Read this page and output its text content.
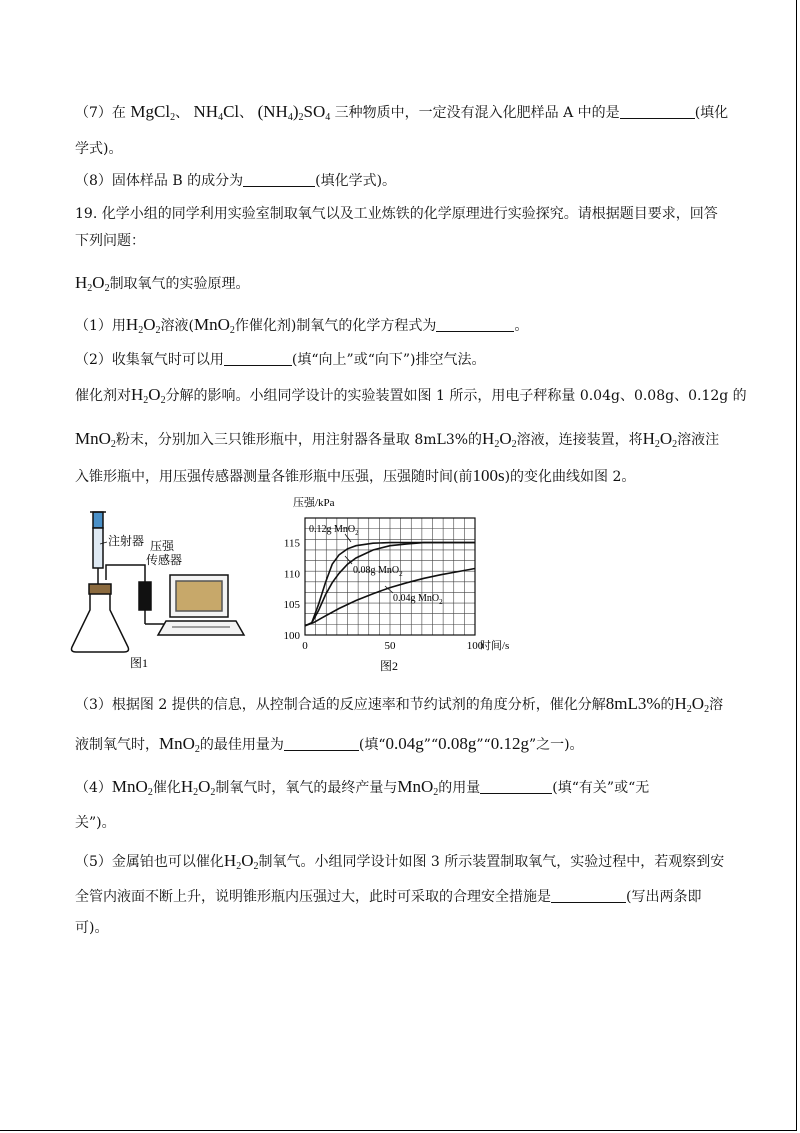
（7）在 MgCl$_2$、 $NH_4Cl$、 $(NH_4)_2SO_4$ 三种物质中，一定没有混入化肥样品 A 中的是	(填化
学式)。
（8）固体样品 B 的成分为	(填化学式)。
19. 化学小组的同学利用实验室制取氧气以及工业炼铁的化学原理进行实验探究。请根据题目要求，回答
下列问题：
$H_2O_2$制取氧气的实验原理。
（1）用$H_2O_2$溶液(MnO$_2$作催化剂)制氧气的化学方程式为	。
（2）收集氧气时可以用	(填“向上”或“向下”)排空气法。
催化剂对$H_2O_2$分解的影响。小组同学设计的实验装置如图 1 所示，用电子秤称量 0.04g、0.08g、0.12g 的
MnO$_2$粉末，分别加入三只锥形瓶中，用注射器各量取 8mL3%的$H_2O_2$溶液，连接装置，将$H_2O_2$溶液注
入锥形瓶中，用压强传感器测量各锥形瓶中压强，压强随时间(前100s)的变化曲线如图 2。
注射器 压强
传感器
图1
100
105
110
115
0	50	100
压强/kPa
时间/s
图2
0.12g MnO$_2$
0.08g MnO$_2$
0.04g MnO$_2$
（3）根据图 2 提供的信息，从控制合适的反应速率和节约试剂的角度分析，催化分解8mL3%的$H_2O_2$溶
液制氧气时，MnO$_2$的最佳用量为	(填“0.04g”“0.08g”“0.12g”之一)。
（4）MnO$_2$催化$H_2O_2$制氧气时，氧气的最终产量与MnO$_2$的用量	(填“有关”或“无
关”)。
（5）金属铂也可以催化$H_2O_2$制氧气。小组同学设计如图 3 所示装置制取氧气，实验过程中，若观察到安
全管内液面不断上升，说明锥形瓶内压强过大，此时可采取的合理安全措施是	(写出两条即
可)。
